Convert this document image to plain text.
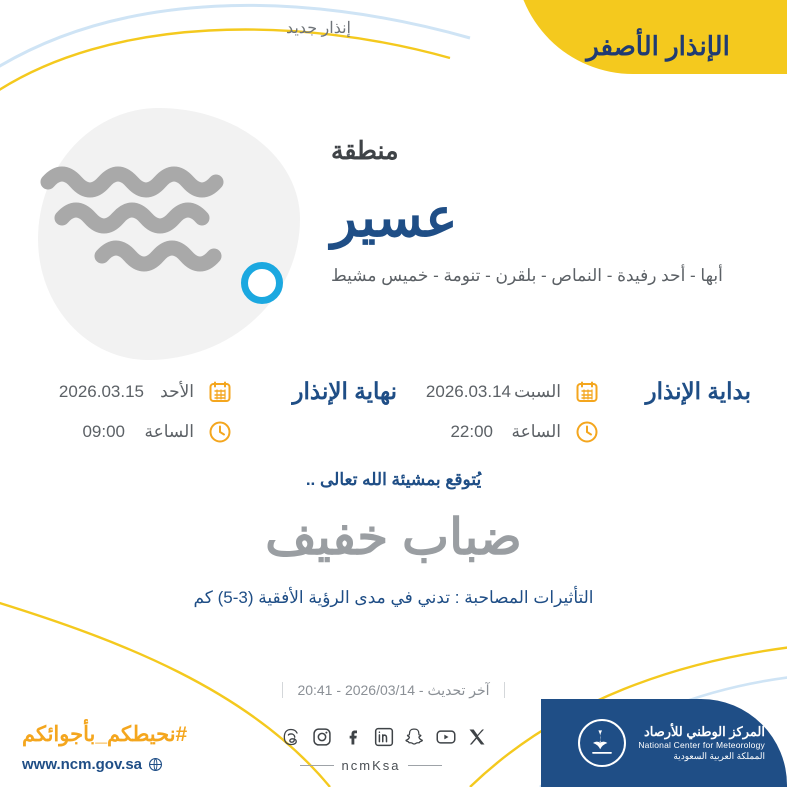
الإنذار الأصفر
إنذار جديد
منطقة
عسير
أبها - أحد رفيدة - النماص - بلقرن - تنومة - خميس مشيط
بداية الإنذار
السبت
2026.03.14
الساعة
22:00
نهاية الإنذار
الأحد
2026.03.15
الساعة
09:00
يُتوقع بمشيئة الله تعالى ..
ضباب خفيف
التأثيرات المصاحبة : تدني في مدى الرؤية الأفقية (3-5) كم
آخر تحديث - 2026/03/14 - 20:41
المركز الوطني للأرصاد
National Center for Meteorology
المملكة العربية السعودية
ncmKsa
#نحيطكم_بأجوائكم
www.ncm.gov.sa
